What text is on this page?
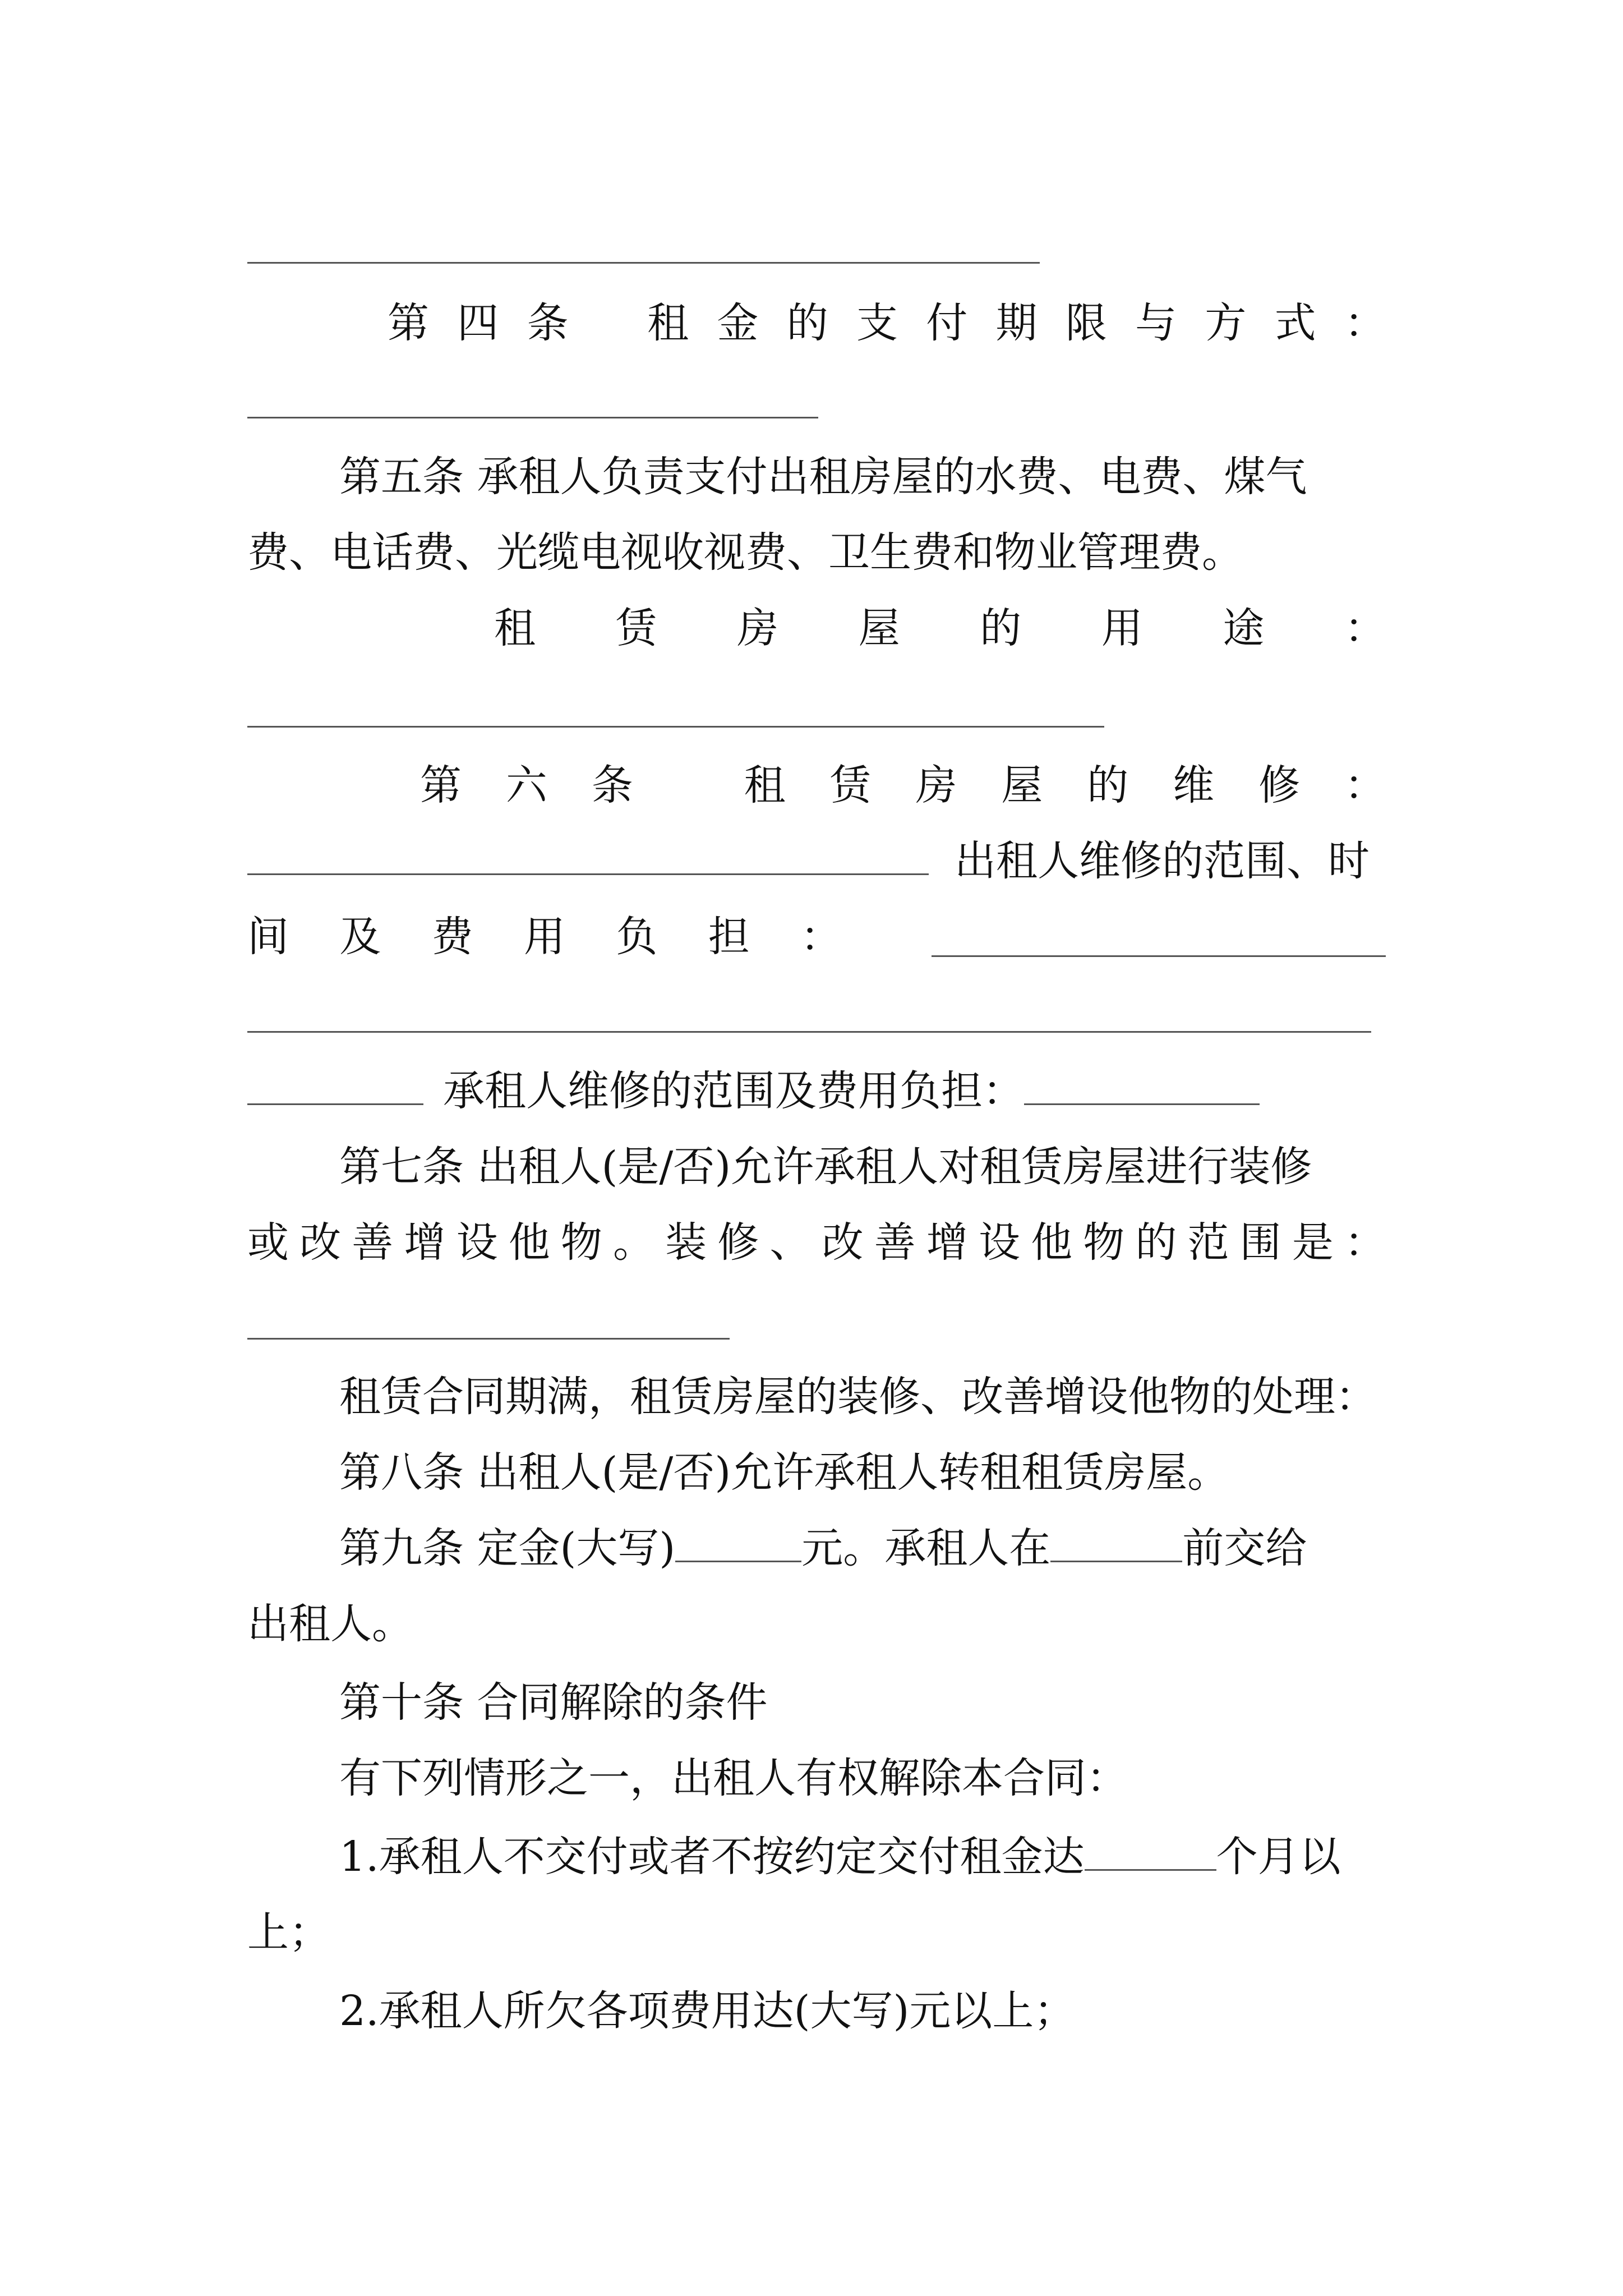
第 四 条 租 金 的 支 付 期 限 与 方 式 ：
第五条 承租人负责支付出租房屋的水费、电费、煤气
费、电话费、光缆电视收视费、卫生费和物业管理费。
租 赁 房 屋 的 用 途 ：
第 六 条	租 赁 房 屋 的 维 修 ：
出租人维修的范围、时
间 及 费 用 负 担 ：
承租人维修的范围及费用负担：
第七条 出租人(是/否)允许承租人对租赁房屋进行装修
或 改 善 增 设 他 物 。 装 修 、 改 善 增 设 他 物 的 范 围 是 ：
租赁合同期满，租赁房屋的装修、改善增设他物的处理：
第八条 出租人(是/否)允许承租人转租租赁房屋。
第九条 定金(大写)	元。承租人在	前交给
出租人。
第十条 合同解除的条件
有下列情形之一，出租人有权解除本合同：
1.承租人不交付或者不按约定交付租金达	个月以
上；
2.承租人所欠各项费用达(大写)元以上；
